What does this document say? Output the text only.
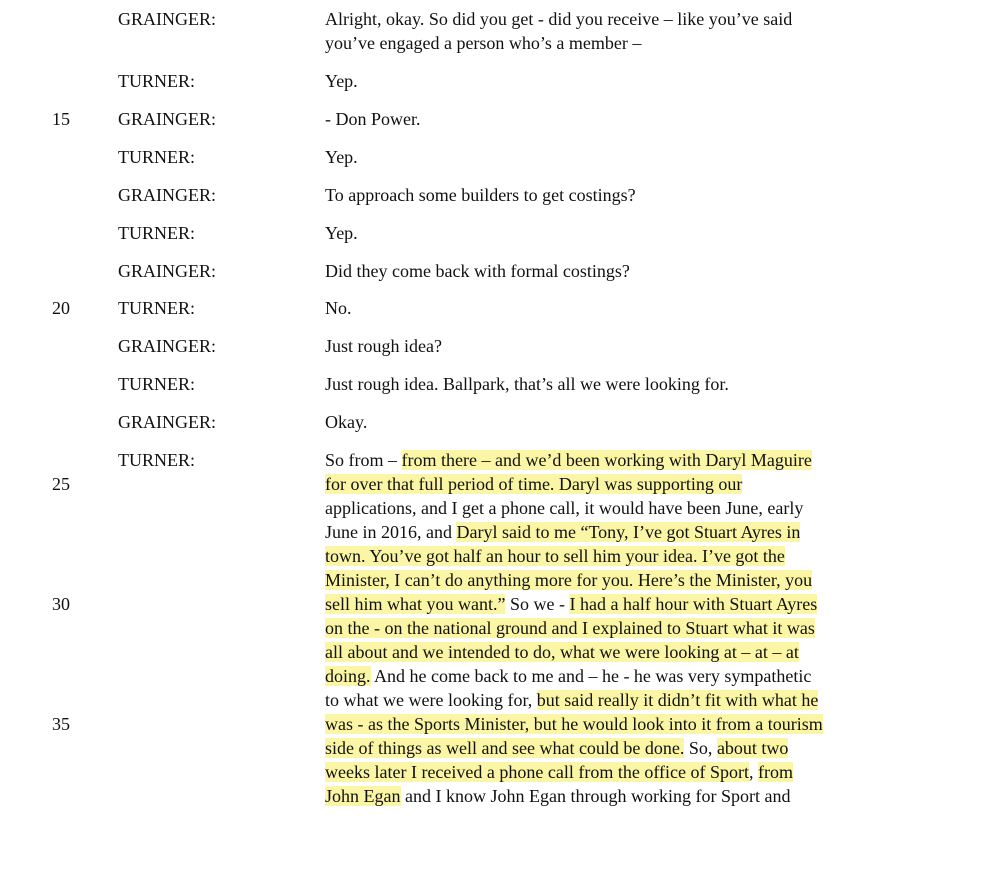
15
20
25
30
35
GRAINGER:	Alright, okay. So did you get - did you receive – like you’ve said
you’ve engaged a person who’s a member –
TURNER:	Yep.
GRAINGER:	- Don Power.
TURNER:	Yep.
GRAINGER:	To approach some builders to get costings?
TURNER:	Yep.
GRAINGER:	Did they come back with formal costings?
TURNER:	No.
GRAINGER:	Just rough idea?
TURNER:	Just rough idea. Ballpark, that’s all we were looking for.
GRAINGER:	Okay.
TURNER:	So from – from there – and we’d been working with Daryl Maguire
for over that full period of time. Daryl was supporting our
applications, and I get a phone call, it would have been June, early
June in 2016, and Daryl said to me “Tony, I’ve got Stuart Ayres in
town. You’ve got half an hour to sell him your idea. I’ve got the
Minister, I can’t do anything more for you. Here’s the Minister, you
sell him what you want.” So we - I had a half hour with Stuart Ayres
on the - on the national ground and I explained to Stuart what it was
all about and we intended to do, what we were looking at – at – at
doing. And he come back to me and – he - he was very sympathetic
to what we were looking for, but said really it didn’t fit with what he
was - as the Sports Minister, but he would look into it from a tourism
side of things as well and see what could be done. So, about two
weeks later I received a phone call from the office of Sport, from
John Egan and I know John Egan through working for Sport and
